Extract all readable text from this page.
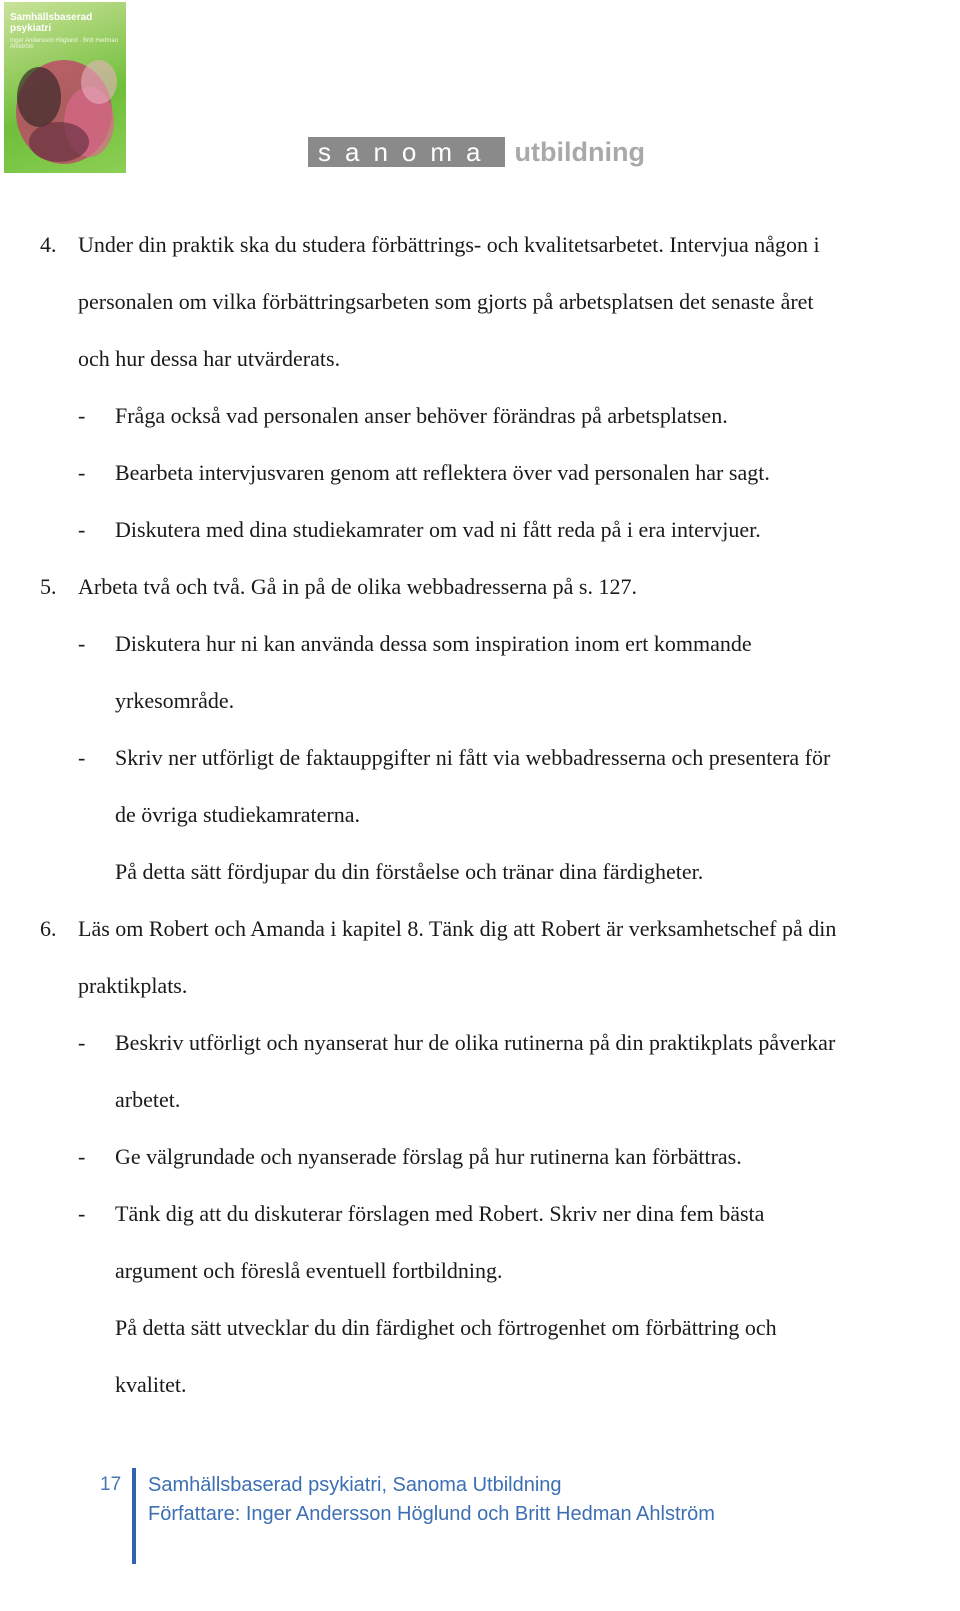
Samhällsbaserad psykiatri
Inger Andersson Höglund · Britt Hedman Ahlström
sanoma utbildning
4. Under din praktik ska du studera förbättrings- och kvalitetsarbetet. Intervjua någon i
personalen om vilka förbättringsarbeten som gjorts på arbetsplatsen det senaste året
och hur dessa har utvärderats.
- Fråga också vad personalen anser behöver förändras på arbetsplatsen.
- Bearbeta intervjusvaren genom att reflektera över vad personalen har sagt.
- Diskutera med dina studiekamrater om vad ni fått reda på i era intervjuer.
5. Arbeta två och två. Gå in på de olika webbadresserna på s. 127.
- Diskutera hur ni kan använda dessa som inspiration inom ert kommande
yrkesområde.
- Skriv ner utförligt de faktauppgifter ni fått via webbadresserna och presentera för
de övriga studiekamraterna.
På detta sätt fördjupar du din förståelse och tränar dina färdigheter.
6. Läs om Robert och Amanda i kapitel 8. Tänk dig att Robert är verksamhetschef på din
praktikplats.
- Beskriv utförligt och nyanserat hur de olika rutinerna på din praktikplats påverkar
arbetet.
- Ge välgrundade och nyanserade förslag på hur rutinerna kan förbättras.
- Tänk dig att du diskuterar förslagen med Robert. Skriv ner dina fem bästa
argument och föreslå eventuell fortbildning.
På detta sätt utvecklar du din färdighet och förtrogenhet om förbättring och
kvalitet.
17 Samhällsbaserad psykiatri, Sanoma Utbildning
Författare: Inger Andersson Höglund och Britt Hedman Ahlström
